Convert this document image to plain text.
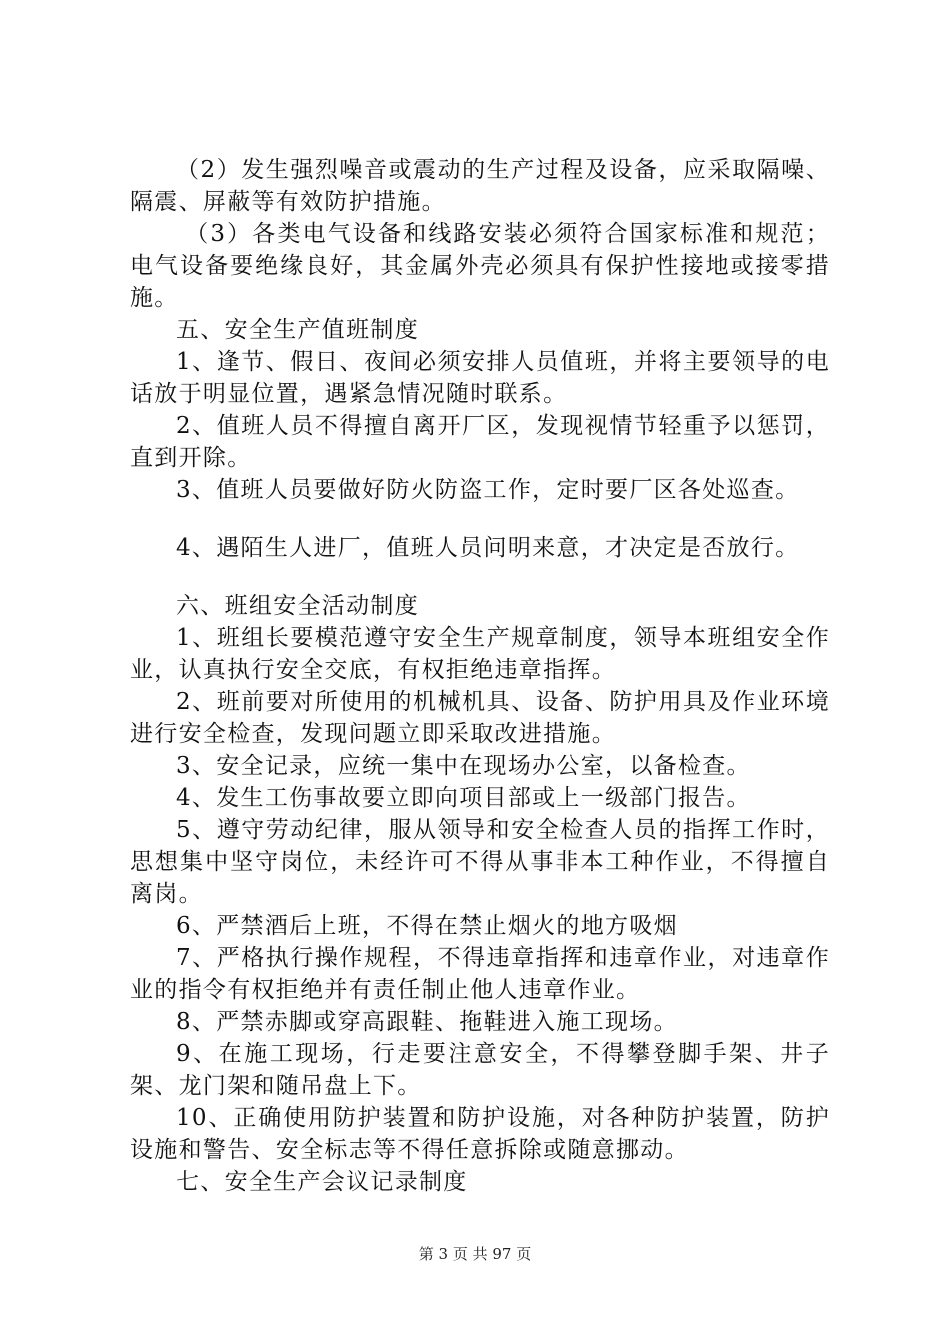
（2）发生强烈噪音或震动的生产过程及设备，应采取隔噪、隔震、屏蔽等有效防护措施。

（3）各类电气设备和线路安装必须符合国家标准和规范；电气设备要绝缘良好，其金属外壳必须具有保护性接地或接零措施。

五、安全生产值班制度

1、逢节、假日、夜间必须安排人员值班，并将主要领导的电话放于明显位置，遇紧急情况随时联系。

2、值班人员不得擅自离开厂区，发现视情节轻重予以惩罚，直到开除。

3、值班人员要做好防火防盗工作，定时要厂区各处巡查。

4、遇陌生人进厂，值班人员问明来意，才决定是否放行。

六、班组安全活动制度

1、班组长要模范遵守安全生产规章制度，领导本班组安全作业，认真执行安全交底，有权拒绝违章指挥。

2、班前要对所使用的机械机具、设备、防护用具及作业环境进行安全检查，发现问题立即采取改进措施。

3、安全记录，应统一集中在现场办公室，以备检查。

4、发生工伤事故要立即向项目部或上一级部门报告。

5、遵守劳动纪律，服从领导和安全检查人员的指挥工作时，思想集中坚守岗位，未经许可不得从事非本工种作业，不得擅自离岗。

6、严禁酒后上班，不得在禁止烟火的地方吸烟

7、严格执行操作规程，不得违章指挥和违章作业，对违章作业的指令有权拒绝并有责任制止他人违章作业。

8、严禁赤脚或穿高跟鞋、拖鞋进入施工现场。

9、在施工现场，行走要注意安全，不得攀登脚手架、井子架、龙门架和随吊盘上下。

10、正确使用防护装置和防护设施，对各种防护装置，防护设施和警告、安全标志等不得任意拆除或随意挪动。

七、安全生产会议记录制度

第 3 页 共 97 页
